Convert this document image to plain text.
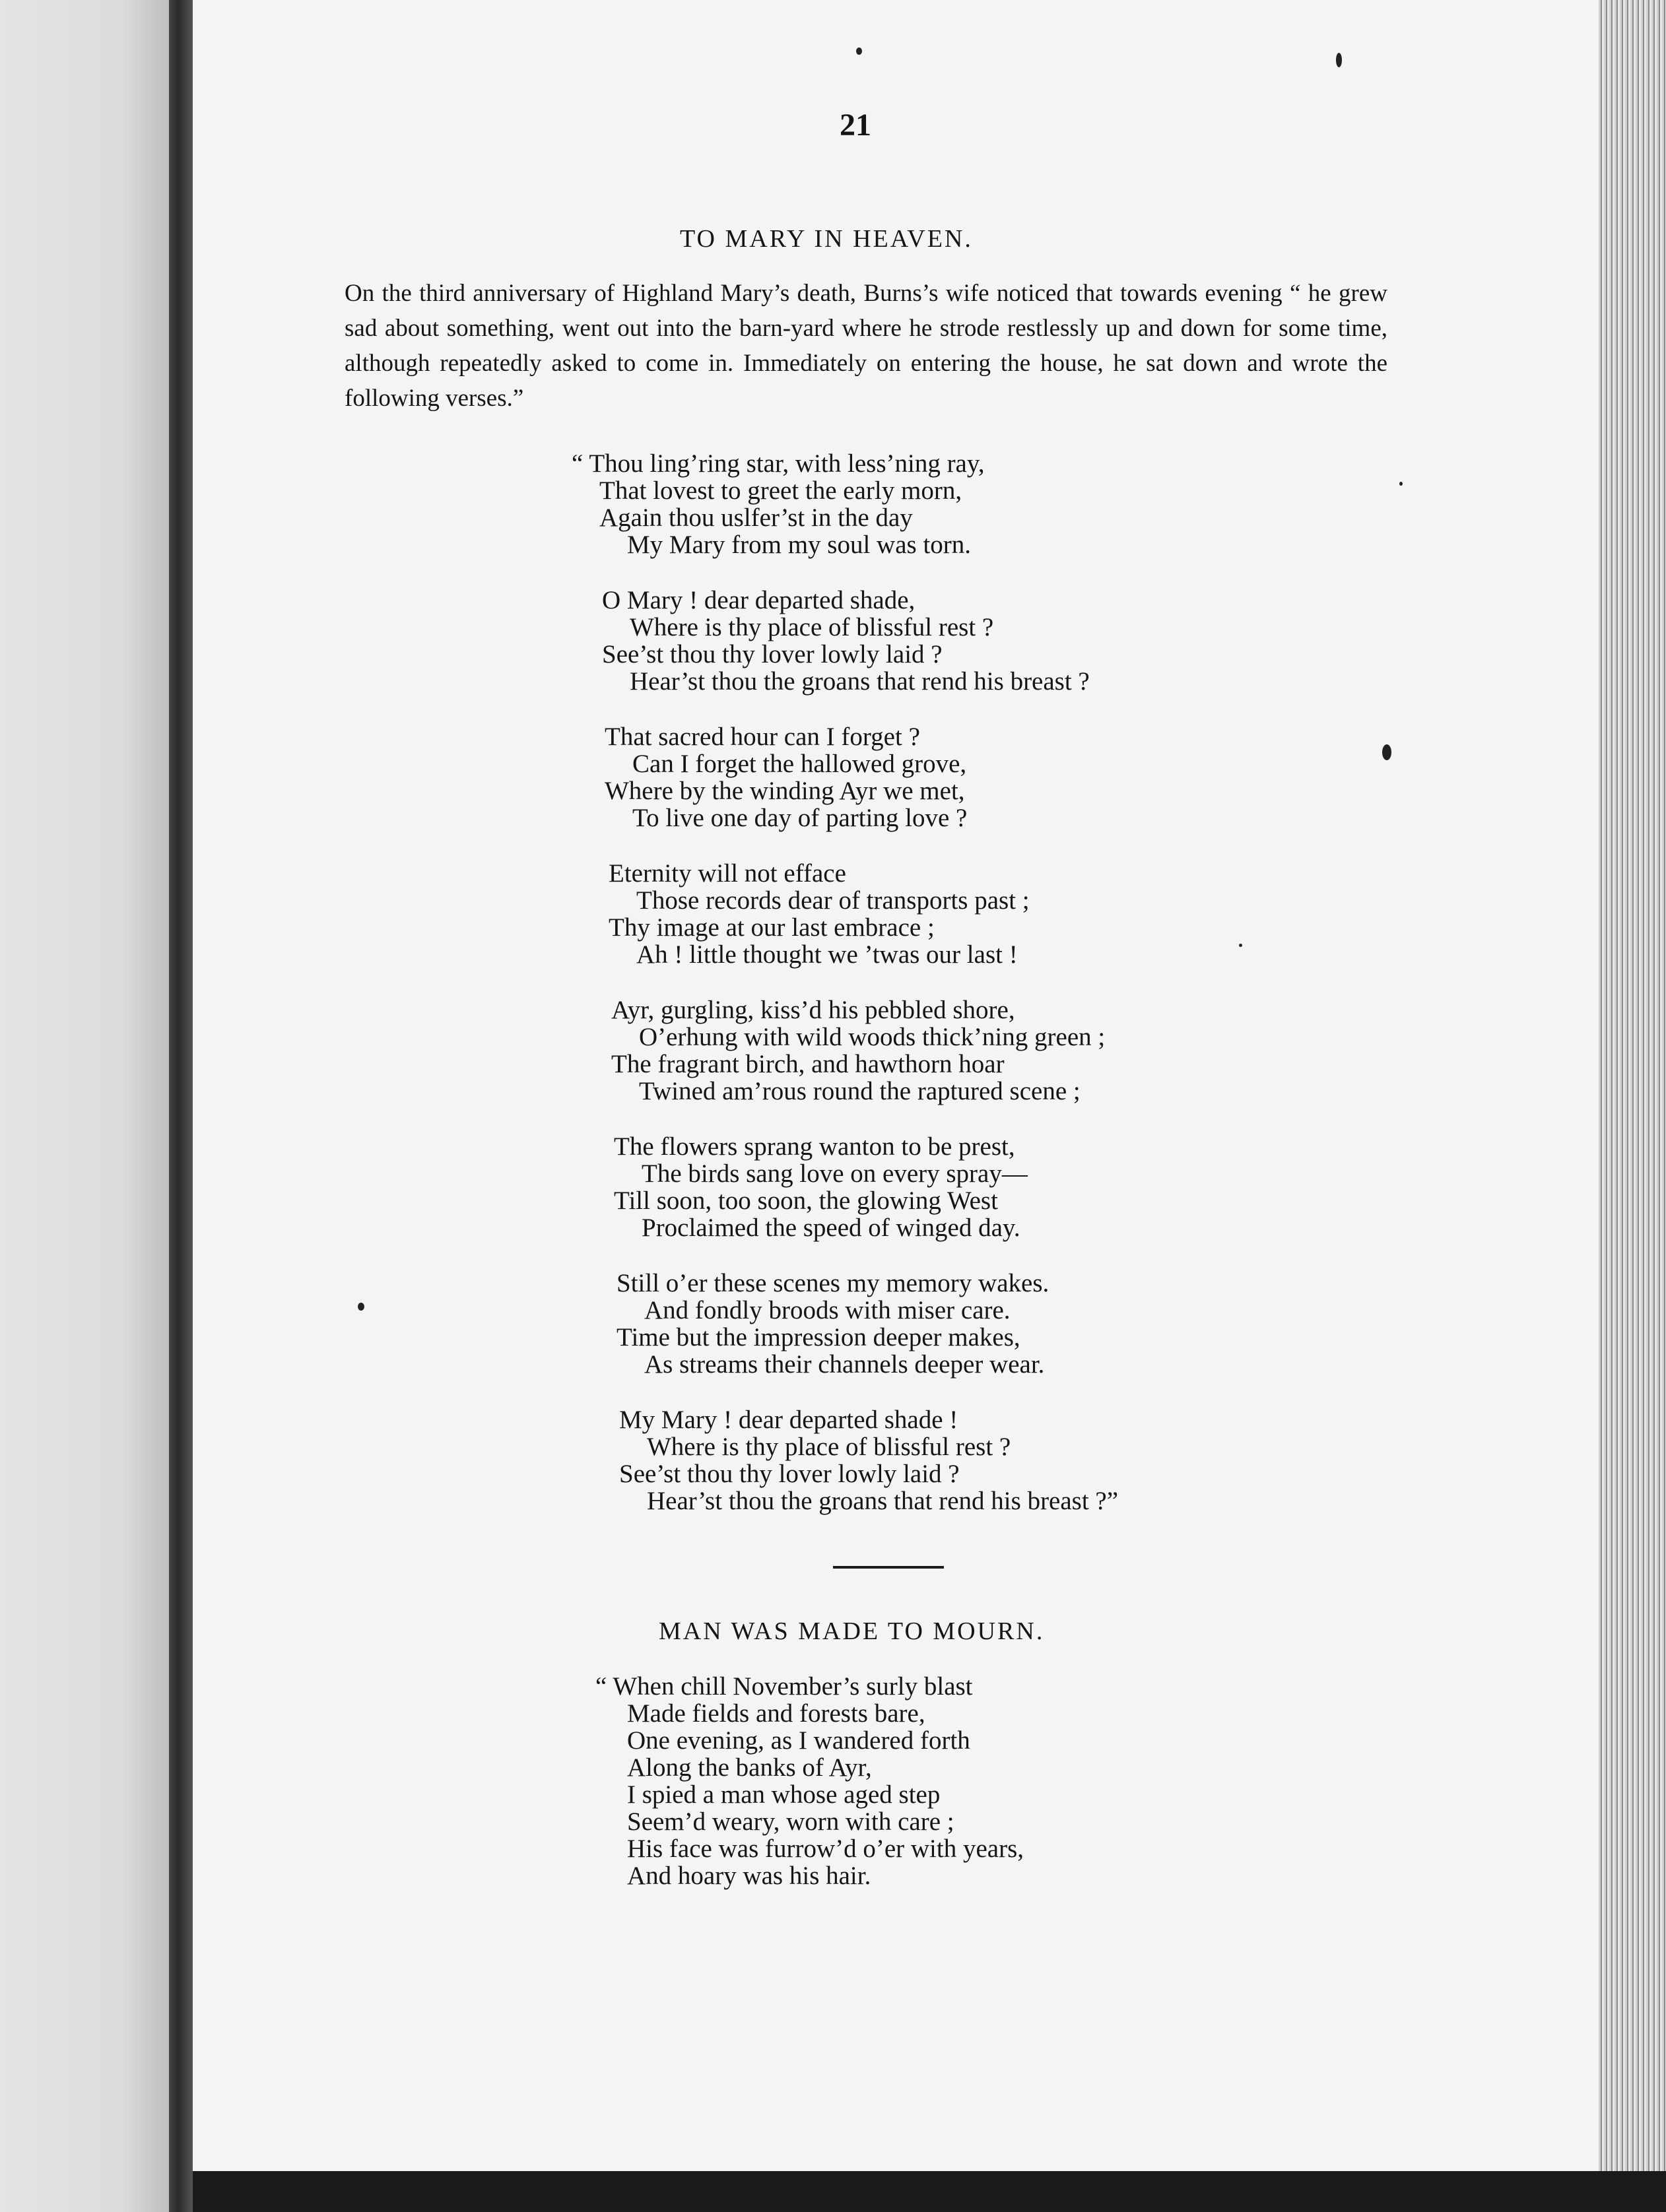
21
TO MARY IN HEAVEN.

On the third anniversary of Highland Mary’s death, Burns’s wife noticed that towards evening “ he grew sad about something, went out into the barn-yard where he strode restlessly up and down for some time, although repeatedly asked to come in. Immediately on entering the house, he sat down and wrote the following verses.”

“ Thou ling’ring star, with less’ning ray,
That lovest to greet the early morn,
Again thou uslfer’st in the day
My Mary from my soul was torn.
O Mary ! dear departed shade,
Where is thy place of blissful rest ?
See’st thou thy lover lowly laid ?
Hear’st thou the groans that rend his breast ?
That sacred hour can I forget ?
Can I forget the hallowed grove,
Where by the winding Ayr we met,
To live one day of parting love ?
Eternity will not efface
Those records dear of transports past ;
Thy image at our last embrace ;
Ah ! little thought we ’twas our last !
Ayr, gurgling, kiss’d his pebbled shore,
O’erhung with wild woods thick’ning green ;
The fragrant birch, and hawthorn hoar
Twined am’rous round the raptured scene ;
The flowers sprang wanton to be prest,
The birds sang love on every spray—
Till soon, too soon, the glowing West
Proclaimed the speed of winged day.
Still o’er these scenes my memory wakes.
And fondly broods with miser care.
Time but the impression deeper makes,
As streams their channels deeper wear.
My Mary ! dear departed shade !
Where is thy place of blissful rest ?
See’st thou thy lover lowly laid ?
Hear’st thou the groans that rend his breast ?”
MAN WAS MADE TO MOURN.
“ When chill November’s surly blast
Made fields and forests bare,
One evening, as I wandered forth
Along the banks of Ayr,
I spied a man whose aged step
Seem’d weary, worn with care ;
His face was furrow’d o’er with years,
And hoary was his hair.
